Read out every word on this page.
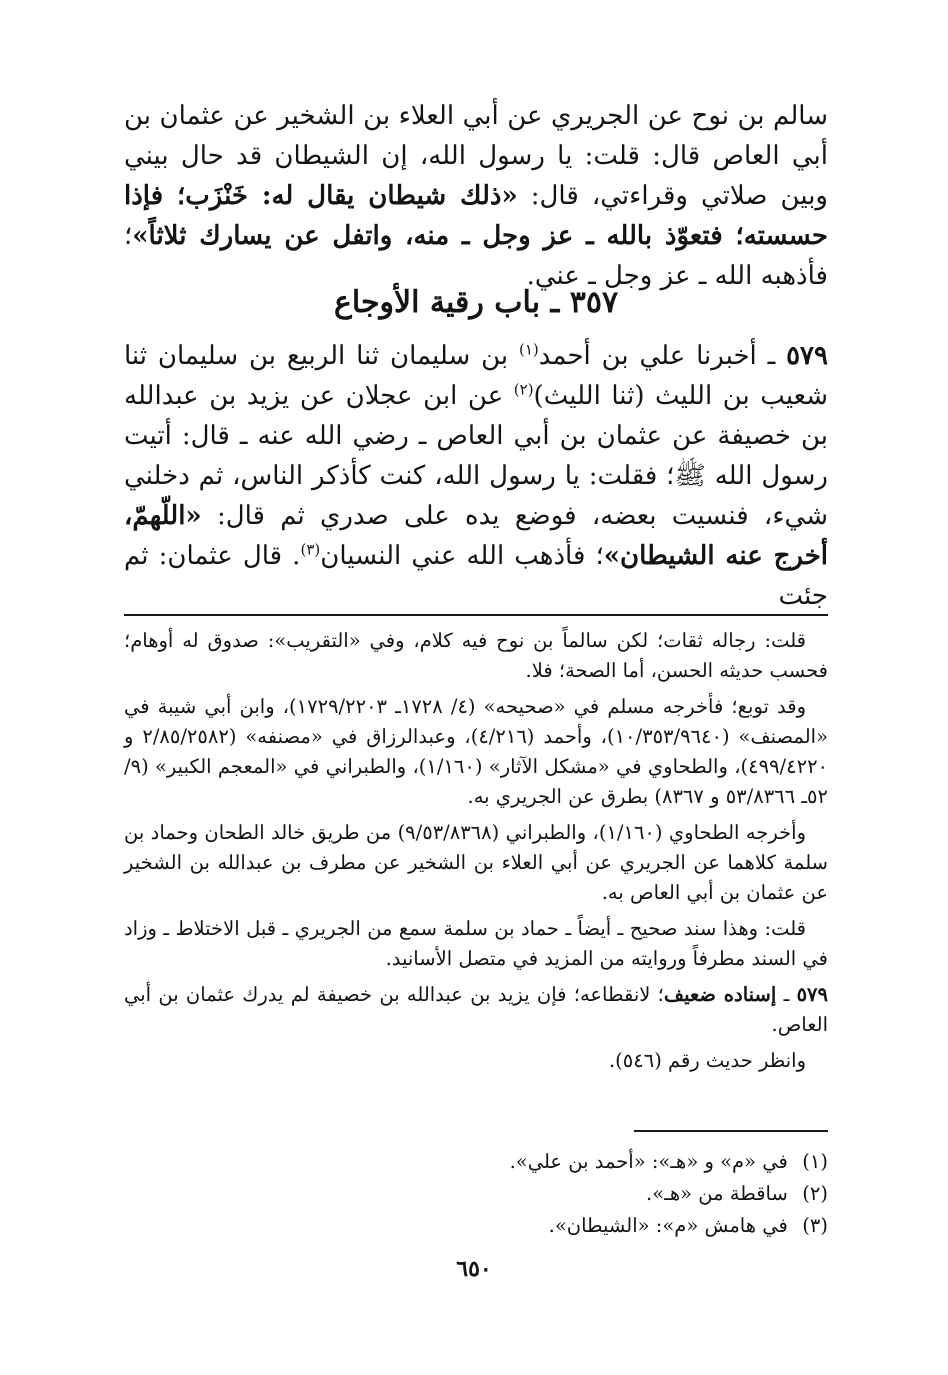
سالم بن نوح عن الجريري عن أبي العلاء بن الشخير عن عثمان بن أبي العاص قال: قلت: يا رسول الله، إن الشيطان قد حال بيني وبين صلاتي وقراءتي، قال: «ذلك شيطان يقال له: خَنْزَب؛ فإذا حسسته؛ فتعوّذ بالله ـ عز وجل ـ منه، واتفل عن يسارك ثلاثاً»؛ فأذهبه الله ـ عز وجل ـ عني.

٣٥٧ ـ باب رقية الأوجاع

٥٧٩ ـ أخبرنا علي بن أحمد$^{(١)}$ بن سليمان ثنا الربيع بن سليمان ثنا شعيب بن الليث (ثنا الليث)$^{(٢)}$ عن ابن عجلان عن يزيد بن عبدالله بن خصيفة عن عثمان بن أبي العاص ـ رضي الله عنه ـ قال: أتيت رسول الله ﷺ؛ فقلت: يا رسول الله، كنت كأذكر الناس، ثم دخلني شيء، فنسيت بعضه، فوضع يده على صدري ثم قال: «اللّهمّ، أخرج عنه الشيطان»؛ فأذهب الله عني النسيان$^{(٣)}$. قال عثمان: ثم جئت

قلت: رجاله ثقات؛ لكن سالماً بن نوح فيه كلام، وفي «التقريب»: صدوق له أوهام؛ فحسب حديثه الحسن، أما الصحة؛ فلا.

وقد توبع؛ فأخرجه مسلم في «صحيحه» (٤/ ١٧٢٨ـ ١٧٢٩/٢٢٠٣)، وابن أبي شيبة في «المصنف» (١٠/٣٥٣/٩٦٤٠)، وأحمد (٤/٢١٦)، وعبدالرزاق في «مصنفه» (٢/٨٥/٢٥٨٢ و ٤٩٩/٤٢٢٠)، والطحاوي في «مشكل الآثار» (١/١٦٠)، والطبراني في «المعجم الكبير» (٩/ ٥٢ـ ٥٣/٨٣٦٦ و ٨٣٦٧) بطرق عن الجريري به.

وأخرجه الطحاوي (١/١٦٠)، والطبراني (٩/٥٣/٨٣٦٨) من طريق خالد الطحان وحماد بن سلمة كلاهما عن الجريري عن أبي العلاء بن الشخير عن مطرف بن عبدالله بن الشخير عن عثمان بن أبي العاص به.

قلت: وهذا سند صحيح ـ أيضاً ـ حماد بن سلمة سمع من الجريري ـ قبل الاختلاط ـ وزاد في السند مطرفاً وروايته من المزيد في متصل الأسانيد.

٥٧٩ ـ إسناده ضعيف؛ لانقطاعه؛ فإن يزيد بن عبدالله بن خصيفة لم يدرك عثمان بن أبي العاص.

وانظر حديث رقم (٥٤٦).

(١) في «م» و «هـ»: «أحمد بن علي».
(٢) ساقطة من «هـ».
(٣) في هامش «م»: «الشيطان».
٦٥٠
